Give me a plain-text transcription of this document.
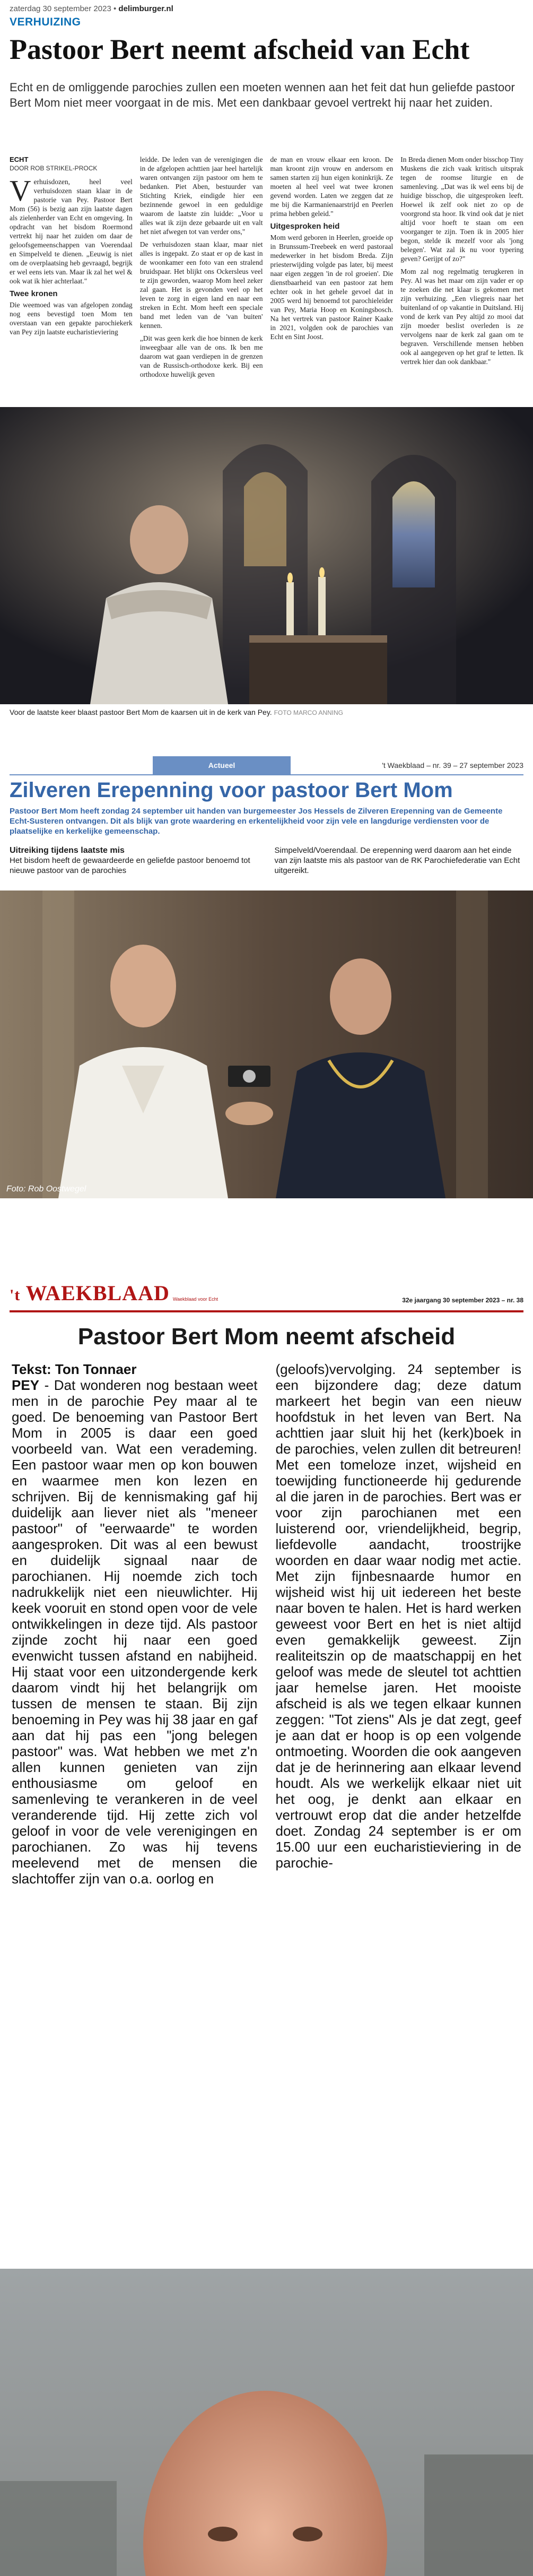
zaterdag 30 september 2023 • delimburger.nl
VERHUIZING
Pastoor Bert neemt afscheid van Echt

Echt en de omliggende parochies zullen een moeten wennen aan het feit dat hun geliefde pastoor Bert Mom niet meer voorgaat in de mis. Met een dankbaar gevoel vertrekt hij naar het zuiden.

ECHT
DOOR ROB STRIKEL-PROCK

Verhuisdozen, heel veel verhuisdozen staan klaar in de pastorie van Pey. Pastoor Bert Mom (56) is bezig aan zijn laatste dagen als zielenherder van Echt en omgeving. In opdracht van het bisdom Roermond vertrekt hij naar het zuiden om daar de geloofsgemeenschappen van Voerendaal en Simpelveld te dienen. „Eeuwig is niet om de overplaatsing heb gevraagd, begrijk er wel eens iets van. Maar ik zal het wel & ook wat ik hier achterlaat."

Twee kronen

Die weemoed was van afgelopen zondag nog eens bevestigd toen Mom ten overstaan van een gepakte parochiekerk van Pey zijn laatste eucharistieviering

leidde. De leden van de verenigingen die in de afgelopen achttien jaar heel hartelijk waren ontvangen zijn pastoor om hem te bedanken. Piet Aben, bestuurder van Stichting Kriek, eindigde hier een bezinnende gewoel in een geduldige waarom de laatste zin luidde: „Voor u alles wat ik zijn deze gebaarde uit en valt het niet afwegen tot van verder ons,"

De verhuisdozen staan klaar, maar niet alles is ingepakt. Zo staat er op de kast in de woonkamer een foto van een stralend bruidspaar. Het blijkt ons Ockersleus veel te zijn geworden, waarop Mom heel zeker zal gaan. Het is gevonden veel op het leven te zorg in eigen land en naar een streken in Echt. Mom heeft een speciale band met leden van de 'van buiten' kennen.

„Dit was geen kerk die hoe binnen de kerk inweegbaar alle van de ons. Ik ben me daarom wat gaan verdiepen in de grenzen van de Russisch-orthodoxe kerk. Bij een orthodoxe huwelijk geven

de man en vrouw elkaar een kroon. De man kroont zijn vrouw en andersom en samen starten zij hun eigen koninkrijk. Ze moeten al heel veel wat twee kronen gevend worden. Laten we zeggen dat ze me bij die Karmanienaarstrijd en Peerlen prima hebben geleid."

Uitgesproken heid

Mom werd geboren in Heerlen, groeide op in Brunssum-Treebeek en werd pastoraal medewerker in het bisdom Breda. Zijn priesterwijding volgde pas later, bij meest naar eigen zeggen 'in de rol groeien'. Die dienstbaarheid van een pastoor zat hem echter ook in het gehele gevoel dat in 2005 werd hij benoemd tot parochieleider van Pey, Maria Hoop en Koningsbosch. Na het vertrek van pastoor Rainer Kaake in 2021, volgden ook de parochies van Echt en Sint Joost.

In Breda dienen Mom onder bisschop Tiny Muskens die zich vaak kritisch uitsprak tegen de roomse liturgie en de samenleving. „Dat was ik wel eens bij de huidige bisschop, die uitgesproken leeft. Hoewel ik zelf ook niet zo op de voorgrond sta hoor. Ik vind ook dat je niet altijd voor hoeft te staan om een voorganger te zijn. Toen ik in 2005 hier begon, stelde ik mezelf voor als 'jong belegen'. Wat zal ik nu voor typering geven? Gerijpt of zo?"

Mom zal nog regelmatig terugkeren in Pey. Al was het maar om zijn vader er op te zoeken die net klaar is gekomen met zijn verhuizing. „Een vliegreis naar het buitenland of op vakantie in Duitsland. Hij vond de kerk van Pey altijd zo mooi dat zijn moeder beslist overleden is ze vervolgens naar de kerk zal gaan om te begraven. Verschillende mensen hebben ook al aangegeven op het graf te letten. Ik vertrek hier dan ook dankbaar."

Voor de laatste keer blaast pastoor Bert Mom de kaarsen uit in de kerk van Pey. FOTO MARCO ANNING
Actueel	't Waekblaad – nr. 39 – 27 september 2023
Zilveren Erepenning voor pastoor Bert Mom

Pastoor Bert Mom heeft zondag 24 september uit handen van burgemeester Jos Hessels de Zilveren Erepenning van de Gemeente Echt-Susteren ontvangen. Dit als blijk van grote waardering en erkentelijkheid voor zijn vele en langdurige verdiensten voor de plaatselijke en kerkelijke gemeenschap.

Uitreiking tijdens laatste mis

Het bisdom heeft de gewaardeerde en geliefde pastoor benoemd tot nieuwe pastoor van de parochies

Simpelveld/Voerendaal. De erepenning werd daarom aan het einde van zijn laatste mis als pastoor van de RK Parochiefederatie van Echt uitgereikt.

Foto: Rob Oostwegel
't WAEKBLAAD Waekblaad voor Echt	32e jaargang 30 september 2023 – nr. 38
Pastoor Bert Mom neemt afscheid

Tekst: Ton Tonnaer
PEY - Dat wonderen nog bestaan weet men in de parochie Pey maar al te goed. De benoeming van Pastoor Bert Mom in 2005 is daar een goed voorbeeld van. Wat een verademing. Een pastoor waar men op kon bouwen en waarmee men kon lezen en schrijven. Bij de kennismaking gaf hij duidelijk aan liever niet als "meneer pastoor" of "eerwaarde" te worden aangesproken. Dit was al een bewust en duidelijk signaal naar de parochianen. Hij noemde zich toch nadrukkelijk niet een nieuwlichter. Hij keek vooruit en stond open voor de vele ontwikkelingen in deze tijd. Als pastoor zijnde zocht hij naar een goed evenwicht tussen afstand en nabijheid. Hij staat voor een uitzondergende kerk daarom vindt hij het belangrijk om tussen de mensen te staan. Bij zijn benoeming in Pey was hij 38 jaar en gaf aan dat hij pas een "jong belegen pastoor" was. Wat hebben we met z'n allen kunnen genieten van zijn enthousiasme om geloof en samenleving te verankeren in de veel veranderende tijd. Hij zette zich vol geloof in voor de vele verenigingen en parochianen. Zo was hij tevens meelevend met de mensen die slachtoffer zijn van o.a. oorlog en

(geloofs)vervolging. 24 september is een bijzondere dag; deze datum markeert het begin van een nieuw hoofdstuk in het leven van Bert. Na achttien jaar sluit hij het (kerk)boek in de parochies, velen zullen dit betreuren! Met een tomeloze inzet, wijsheid en toewijding functioneerde hij gedurende al die jaren in de parochies. Bert was er voor zijn parochianen met een luisterend oor, vriendelijkheid, begrip, liefdevolle aandacht, troostrijke woorden en daar waar nodig met actie. Met zijn fijnbesnaarde humor en wijsheid wist hij uit iedereen het beste naar boven te halen. Het is hard werken geweest voor Bert en het is niet altijd even gemakkelijk geweest. Zijn realiteitszin op de maatschappij en het geloof was mede de sleutel tot achttien jaar hemelse jaren. Het mooiste afscheid is als we tegen elkaar kunnen zeggen: "Tot ziens" Als je dat zegt, geef je aan dat er hoop is op een volgende ontmoeting. Woorden die ook aangeven dat je de herinnering aan elkaar levend houdt. Als we werkelijk elkaar niet uit het oog, je denkt aan elkaar en vertrouwt erop dat die ander hetzelfde doet. Zondag 24 september is er om 15.00 uur een eucharistieviering in de parochie-
